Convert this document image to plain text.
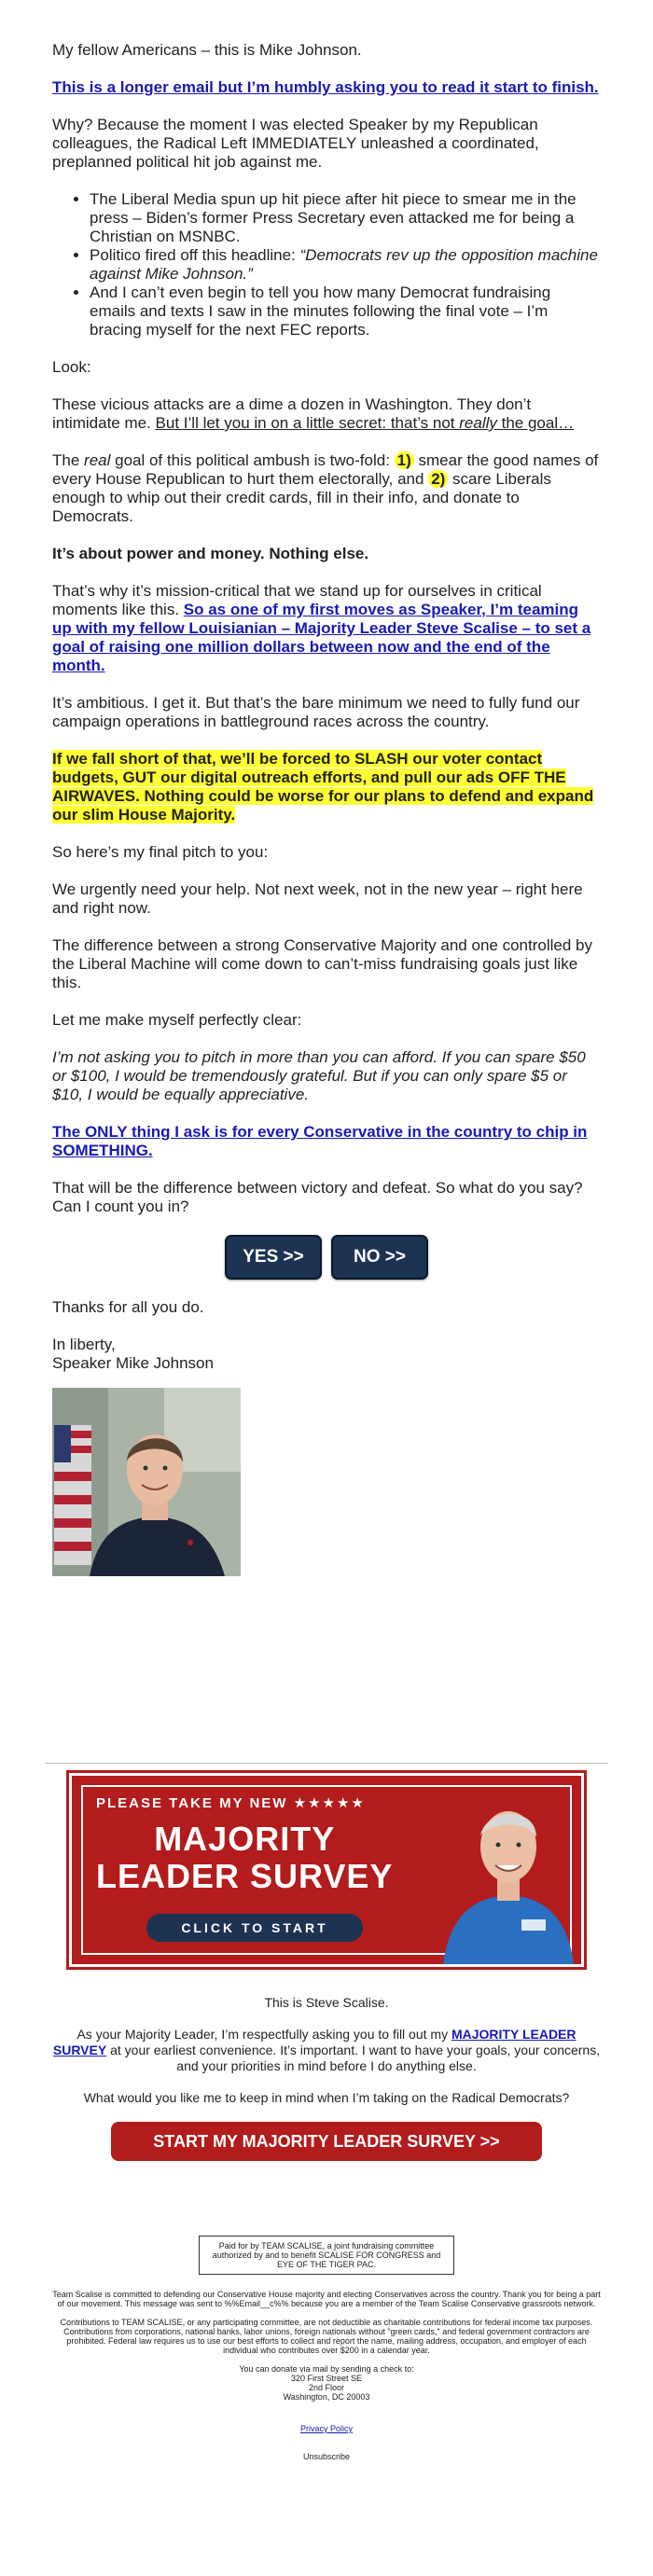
My fellow Americans – this is Mike Johnson.

This is a longer email but I’m humbly asking you to read it start to finish.

Why? Because the moment I was elected Speaker by my Republican colleagues, the Radical Left IMMEDIATELY unleashed a coordinated, preplanned political hit job against me.

• The Liberal Media spun up hit piece after hit piece to smear me in the press – Biden’s former Press Secretary even attacked me for being a Christian on MSNBC.
• Politico fired off this headline: “Democrats rev up the opposition machine against Mike Johnson.”
• And I can’t even begin to tell you how many Democrat fundraising emails and texts I saw in the minutes following the final vote – I’m bracing myself for the next FEC reports.

Look:

These vicious attacks are a dime a dozen in Washington. They don’t intimidate me. But I’ll let you in on a little secret: that’s not really the goal…

The real goal of this political ambush is two-fold: 1) smear the good names of every House Republican to hurt them electorally, and 2) scare Liberals enough to whip out their credit cards, fill in their info, and donate to Democrats.

It’s about power and money. Nothing else.

That’s why it’s mission-critical that we stand up for ourselves in critical moments like this. So as one of my first moves as Speaker, I’m teaming up with my fellow Louisianian – Majority Leader Steve Scalise – to set a goal of raising one million dollars between now and the end of the month.

It’s ambitious. I get it. But that’s the bare minimum we need to fully fund our campaign operations in battleground races across the country.

If we fall short of that, we’ll be forced to SLASH our voter contact budgets, GUT our digital outreach efforts, and pull our ads OFF THE AIRWAVES. Nothing could be worse for our plans to defend and expand our slim House Majority.

So here’s my final pitch to you:

We urgently need your help. Not next week, not in the new year – right here and right now.

The difference between a strong Conservative Majority and one controlled by the Liberal Machine will come down to can’t-miss fundraising goals just like this.

Let me make myself perfectly clear:

I’m not asking you to pitch in more than you can afford. If you can spare $50 or $100, I would be tremendously grateful. But if you can only spare $5 or $10, I would be equally appreciative.

The ONLY thing I ask is for every Conservative in the country to chip in SOMETHING.

That will be the difference between victory and defeat. So what do you say? Can I count you in?

YES >>	NO >>

Thanks for all you do.

In liberty,

Speaker Mike Johnson

PLEASE TAKE MY NEW ★★★★★
MAJORITY
LEADER SURVEY
CLICK TO START

This is Steve Scalise.

As your Majority Leader, I’m respectfully asking you to fill out my MAJORITY LEADER SURVEY at your earliest convenience. It’s important. I want to have your goals, your concerns, and your priorities in mind before I do anything else.

What would you like me to keep in mind when I’m taking on the Radical Democrats?

START MY MAJORITY LEADER SURVEY >>
Paid for by TEAM SCALISE, a joint fundraising committee authorized by and to benefit SCALISE FOR CONGRESS and EYE OF THE TIGER PAC.

Team Scalise is committed to defending our Conservative House majority and electing Conservatives across the country. Thank you for being a part of our movement. This message was sent to %%Email__c%% because you are a member of the Team Scalise Conservative grassroots network.

Contributions to TEAM SCALISE, or any participating committee, are not deductible as charitable contributions for federal income tax purposes. Contributions from corporations, national banks, labor unions, foreign nationals without "green cards," and federal government contractors are prohibited. Federal law requires us to use our best efforts to collect and report the name, mailing address, occupation, and employer of each individual who contributes over $200 in a calendar year.

You can donate via mail by sending a check to:
320 First Street SE
2nd Floor
Washington, DC 20003

Privacy Policy

Unsubscribe
